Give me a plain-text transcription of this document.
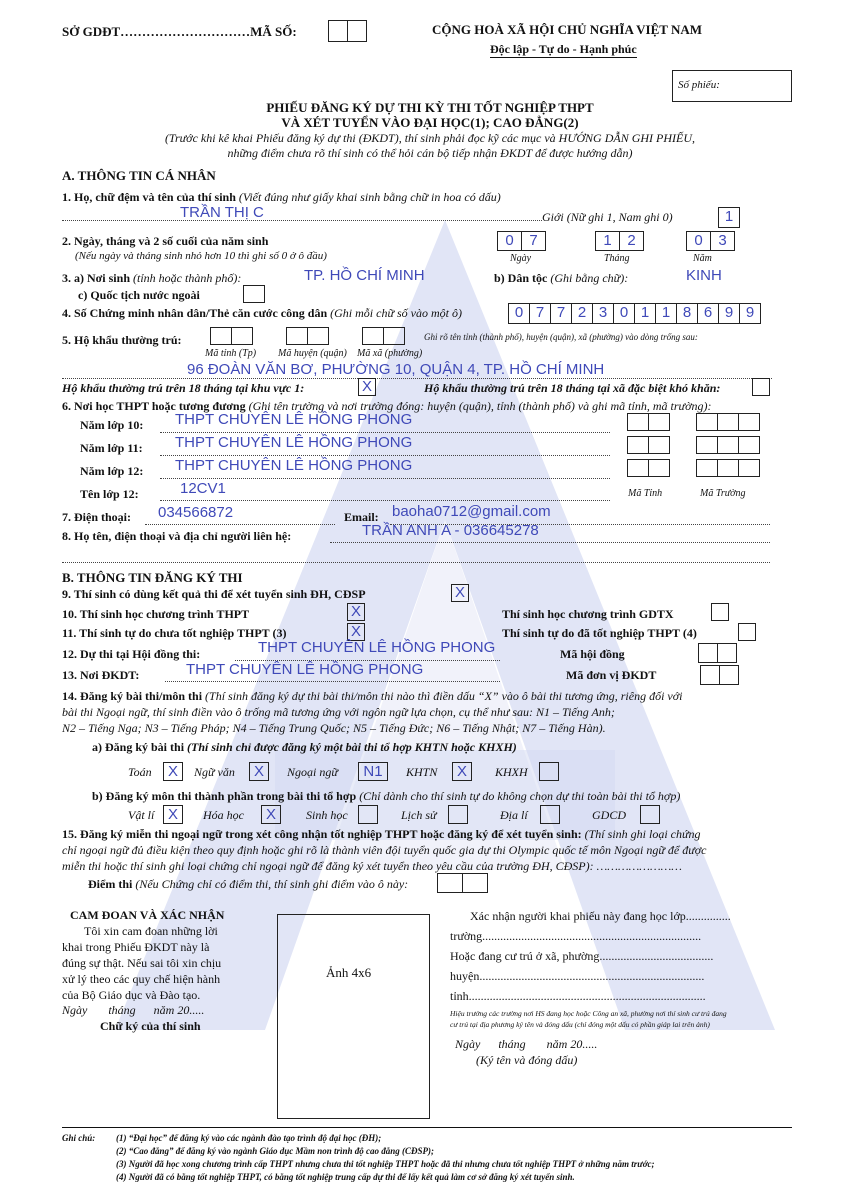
SỞ GDĐT…………………………MÃ SỐ:	CỘNG HOÀ XÃ HỘI CHỦ NGHĨA VIỆT NAM
Độc lập - Tự do - Hạnh phúc
Số phiếu:
PHIẾU ĐĂNG KÝ DỰ THI KỲ THI TỐT NGHIỆP THPT
VÀ XÉT TUYỂN VÀO ĐẠI HỌC(1); CAO ĐẲNG(2)
(Trước khi kê khai Phiếu đăng ký dự thi (ĐKDT), thí sinh phải đọc kỹ các mục và HƯỚNG DẪN GHI PHIẾU,
những điểm chưa rõ thí sinh có thể hỏi cán bộ tiếp nhận ĐKDT để được hướng dẫn)
A. THÔNG TIN CÁ NHÂN
1. Họ, chữ đệm và tên của thí sinh (Viết đúng như giấy khai sinh bằng chữ in hoa có dấu)
TRẦN THỊ C	Giới (Nữ ghi 1, Nam ghi 0)	1
2. Ngày, tháng và 2 số cuối của năm sinh
(Nếu ngày và tháng sinh nhỏ hơn 10 thì ghi số 0 ở ô đầu)
0	7	1	2	0	3
Ngày	Tháng	Năm
3. a) Nơi sinh (tỉnh hoặc thành phố):	TP. HỒ CHÍ MINH	b) Dân tộc (Ghi bằng chữ):	KINH
c) Quốc tịch nước ngoài
4. Số Chứng minh nhân dân/Thẻ căn cước công dân (Ghi mỗi chữ số vào một ô)	0 7 7 2 3 0 1 1 8 6 9 9
5. Hộ khẩu thường trú:	Ghi rõ tên tỉnh (thành phố), huyện (quận), xã (phường) vào dòng trống sau:
Mã tỉnh (Tp) Mã huyện (quận) Mã xã (phường)
96 ĐOÀN VĂN BƠ, PHƯỜNG 10, QUẬN 4, TP. HỒ CHÍ MINH
Hộ khẩu thường trú trên 18 tháng tại khu vực 1:	X	Hộ khẩu thường trú trên 18 tháng tại xã đặc biệt khó khăn:
6. Nơi học THPT hoặc tương đương (Ghi tên trường và nơi trường đóng: huyện (quận), tỉnh (thành phố) và ghi mã tỉnh, mã trường):
Năm lớp 10: THPT CHUYÊN LÊ HỒNG PHONG
Năm lớp 11: THPT CHUYÊN LÊ HỒNG PHONG
Năm lớp 12: THPT CHUYÊN LÊ HỒNG PHONG
Tên lớp 12:	12CV1	Mã Tỉnh	Mã Trường
7. Điện thoại: 034566872	Email: baoha0712@gmail.com
8. Họ tên, điện thoại và địa chỉ người liên hệ:	TRẦN ANH A - 036645278
B. THÔNG TIN ĐĂNG KÝ THI
9. Thí sinh có dùng kết quả thi để xét tuyển sinh ĐH, CĐSP	X
10. Thí sinh học chương trình THPT	X	Thí sinh học chương trình GDTX
11. Thí sinh tự do chưa tốt nghiệp THPT (3)	X	Thí sinh tự do đã tốt nghiệp THPT (4)
12. Dự thi tại Hội đồng thi:	THPT CHUYÊN LÊ HỒNG PHONG	Mã hội đồng
13. Nơi ĐKDT:	THPT CHUYÊN LÊ HỒNG PHONG	Mã đơn vị ĐKDT
14. Đăng ký bài thi/môn thi (Thí sinh đăng ký dự thi bài thi/môn thi nào thì điền dấu “X” vào ô bài thi tương ứng, riêng đối với
bài thi Ngoại ngữ, thí sinh điền vào ô trống mã tương ứng với ngôn ngữ lựa chọn, cụ thể như sau: N1 – Tiếng Anh;
N2 – Tiếng Nga; N3 – Tiếng Pháp; N4 – Tiếng Trung Quốc; N5 – Tiếng Đức; N6 – Tiếng Nhật; N7 – Tiếng Hàn).
a) Đăng ký bài thi (Thí sinh chỉ được đăng ký một bài thi tổ hợp KHTN hoặc KHXH)
Toán	X	Ngữ văn	X	Ngoại ngữ	N1	KHTN	X	KHXH
b) Đăng ký môn thi thành phần trong bài thi tổ hợp (Chỉ dành cho thí sinh tự do không chọn dự thi toàn bài thi tổ hợp)
Vật lí X	Hóa học	X	Sinh học	Lịch sử	Địa lí	GDCD
15. Đăng ký miễn thi ngoại ngữ trong xét công nhận tốt nghiệp THPT hoặc đăng ký để xét tuyển sinh: (Thí sinh ghi loại chứng
chỉ ngoại ngữ đủ điều kiện theo quy định hoặc ghi rõ là thành viên đội tuyển quốc gia dự thi Olympic quốc tế môn Ngoại ngữ để được
miễn thi hoặc thí sinh ghi loại chứng chỉ ngoại ngữ để đăng ký xét tuyển theo yêu cầu của trường ĐH, CĐSP): ……………………
Điểm thi (Nếu Chứng chỉ có điểm thi, thí sinh ghi điểm vào ô này:
CAM ĐOAN VÀ XÁC NHẬN
Tôi xin cam đoan những lời
khai trong Phiếu ĐKDT này là
đúng sự thật. Nếu sai tôi xin chịu
xử lý theo các quy chế hiện hành
của Bộ Giáo dục và Đào tạo.
Ngày       tháng      năm 20.....
Chữ ký của thí sinh
Ảnh 4x6
Xác nhận người khai phiếu này đang học lớp...............
trường.........................................................................
Hoặc đang cư trú ở xã, phường......................................
huyện...........................................................................
tỉnh...............................................................................
Hiệu trưởng các trường nơi HS đang học hoặc Công an xã, phường nơi thí sinh cư trú đang
cư trú tại địa phương ký tên và đóng dấu (chỉ đóng một dấu có phần giáp lai trên ảnh)
Ngày      tháng       năm 20.....
(Ký tên và đóng dấu)
Ghi chú: (1) “Đại học” để đăng ký vào các ngành đào tạo trình độ đại học (ĐH);
(2) “Cao đẳng” để đăng ký vào ngành Giáo dục Mầm non trình độ cao đẳng (CĐSP);
(3) Người đã học xong chương trình cấp THPT nhưng chưa thi tốt nghiệp THPT hoặc đã thi nhưng chưa tốt nghiệp THPT ở những năm trước;
(4) Người đã có bằng tốt nghiệp THPT, có bằng tốt nghiệp trung cấp dự thi để lấy kết quả làm cơ sở đăng ký xét tuyển sinh.
